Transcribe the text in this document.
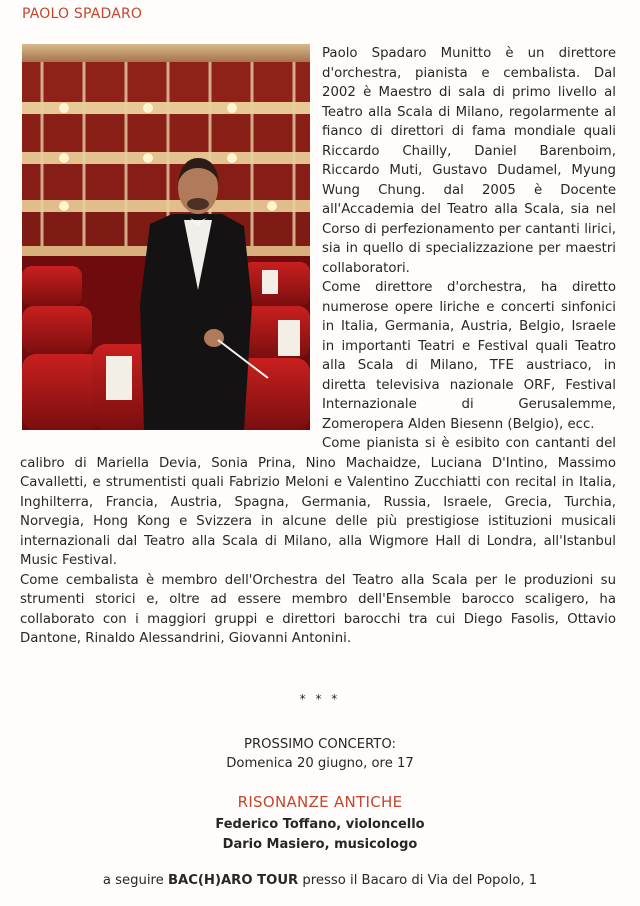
PAOLO SPADARO

Paolo Spadaro Munitto è un direttore d'orchestra, pianista e cembalista. Dal 2002 è Maestro di sala di primo livello al Teatro alla Scala di Milano, regolarmente al fianco di direttori di fama mondiale quali Riccardo Chailly, Daniel Barenboim, Riccardo Muti, Gustavo Dudamel, Myung Wung Chung. dal 2005 è Docente all'Accademia del Teatro alla Scala, sia nel Corso di perfezionamento per cantanti lirici, sia in quello di specializzazione per maestri collaboratori.

Come direttore d'orchestra, ha diretto numerose opere liriche e concerti sinfonici in Italia, Germania, Austria, Belgio, Israele in importanti Teatri e Festival quali Teatro alla Scala di Milano, TFE austriaco, in diretta televisiva nazionale ORF, Festival Internazionale di Gerusalemme, Zomeropera Alden Biesenn (Belgio), ecc.

Come pianista si è esibito con cantanti del calibro di Mariella Devia, Sonia Prina, Nino Machaidze, Luciana D'Intino, Massimo Cavalletti, e strumentisti quali Fabrizio Meloni e Valentino Zucchiatti con recital in Italia, Inghilterra, Francia, Austria, Spagna, Germania, Russia, Israele, Grecia, Turchia, Norvegia, Hong Kong e Svizzera in alcune delle più prestigiose istituzioni musicali internazionali dal Teatro alla Scala di Milano, alla Wigmore Hall di Londra, all'Istanbul Music Festival.

Come cembalista è membro dell'Orchestra del Teatro alla Scala per le produzioni su strumenti storici e, oltre ad essere membro dell'Ensemble barocco scaligero, ha collaborato con i maggiori gruppi e direttori barocchi tra cui Diego Fasolis, Ottavio Dantone, Rinaldo Alessandrini, Giovanni Antonini.

* * *
PROSSIMO CONCERTO:
Domenica 20 giugno, ore 17
RISONANZE ANTICHE
Federico Toffano, violoncello
Dario Masiero, musicologo
a seguire BAC(H)ARO TOUR presso il Bacaro di Via del Popolo, 1
